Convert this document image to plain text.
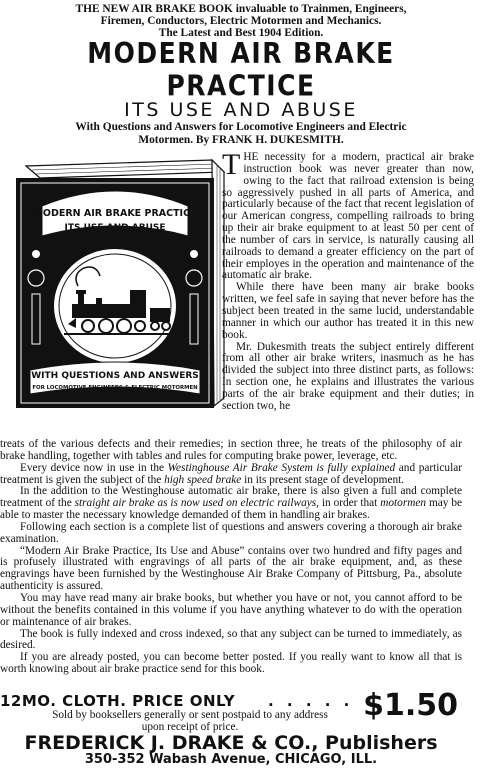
THE NEW AIR BRAKE BOOK invaluable to Trainmen, Engineers,
Firemen, Conductors, Electric Motormen and Mechanics.
The Latest and Best 1904 Edition.
MODERN AIR BRAKE PRACTICE
ITS USE AND ABUSE
With Questions and Answers for Locomotive Engineers and Electric
Motormen. By FRANK H. DUKESMITH.
MODERN AIR BRAKE PRACTICE
ITS USE AND ABUSE
WITH QUESTIONS AND ANSWERS
FOR LOCOMOTIVE ENGINEERS & ELECTRIC MOTORMEN

THE necessity for a modern, practical air brake instruction book was never greater than now, owing to the fact that railroad extension is being so aggressively pushed in all parts of America, and particularly because of the fact that recent legislation of our American congress, compelling railroads to bring up their air brake equipment to at least 50 per cent of the number of cars in service, is naturally causing all railroads to demand a greater efficiency on the part of their employes in the operation and maintenance of the automatic air brake.

While there have been many air brake books written, we feel safe in saying that never before has the subject been treated in the same lucid, understandable manner in which our author has treated it in this new book.

Mr. Dukesmith treats the subject entirely different from all other air brake writers, inasmuch as he has divided the subject into three distinct parts, as follows: In section one, he explains and illustrates the various parts of the air brake equipment and their duties; in section two, he

treats of the various defects and their remedies; in section three, he treats of the philosophy of air brake handling, together with tables and rules for computing brake power, leverage, etc.

Every device now in use in the Westinghouse Air Brake System is fully explained and particular treatment is given the subject of the high speed brake in its present stage of development.

In the addition to the Westinghouse automatic air brake, there is also given a full and complete treatment of the straight air brake as is now used on electric railways, in order that motormen may be able to master the necessary knowledge demanded of them in handling air brakes.

Following each section is a complete list of questions and answers covering a thorough air brake examination.

“Modern Air Brake Practice, Its Use and Abuse” contains over two hundred and fifty pages and is profusely illustrated with engravings of all parts of the air brake equipment, and, as these engravings have been furnished by the Westinghouse Air Brake Company of Pittsburg, Pa., absolute authenticity is assured.

You may have read many air brake books, but whether you have or not, you cannot afford to be without the benefits contained in this volume if you have anything whatever to do with the operation or maintenance of air brakes.

The book is fully indexed and cross indexed, so that any subject can be turned to immediately, as desired.

If you are already posted, you can become better posted. If you really want to know all that is worth knowing about air brake practice send for this book.

12MO. CLOTH. PRICE ONLY . . . . . $1.50
Sold by booksellers generally or sent postpaid to any address
upon receipt of price.
FREDERICK J. DRAKE & CO., Publishers
350-352 Wabash Avenue, CHICAGO, ILL.
